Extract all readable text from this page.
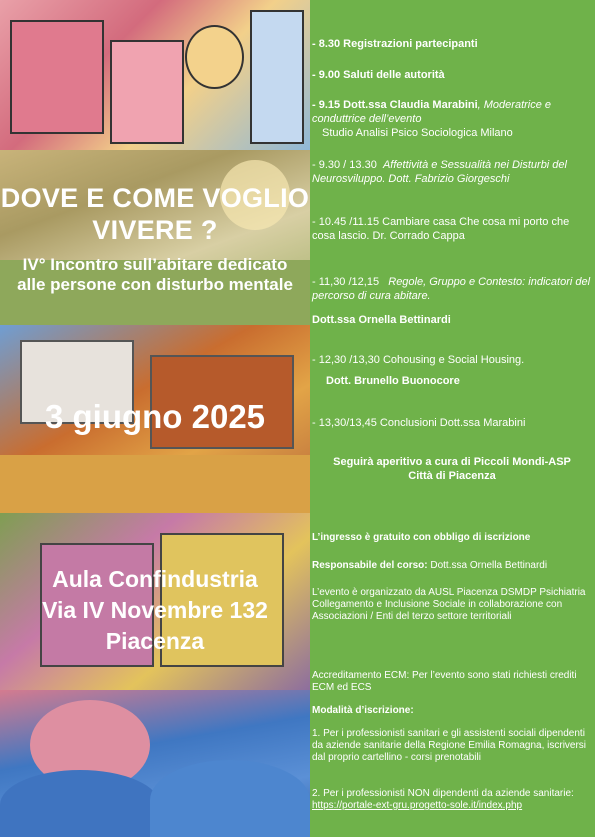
DOVE E COME VOGLIO VIVERE ?
IV° Incontro sull’abitare dedicato alle persone con disturbo mentale
3 giugno 2025
Aula Confindustria
Via IV Novembre 132
Piacenza
- 8.30 Registrazioni partecipanti
- 9.00 Saluti delle autorità
- 9.15 Dott.ssa Claudia Marabini, Moderatrice e conduttrice dell’evento
Studio Analisi Psico Sociologica Milano
- 9.30 / 13.30 Affettività e Sessualità nei Disturbi del Neurosviluppo. Dott. Fabrizio Giorgeschi
- 10.45 /11.15 Cambiare casa Che cosa mi porto che cosa lascio. Dr. Corrado Cappa
- 11,30 /12,15 Regole, Gruppo e Contesto: indicatori del percorso di cura abitare.
Dott.ssa Ornella Bettinardi
- 12,30 /13,30 Cohousing e Social Housing.
Dott. Brunello Buonocore
- 13,30/13,45 Conclusioni Dott.ssa Marabini
Seguirà aperitivo a cura di Piccoli Mondi-ASP Città di Piacenza
L’ingresso è gratuito con obbligo di iscrizione
Responsabile del corso: Dott.ssa Ornella Bettinardi
L’evento è organizzato da AUSL Piacenza DSMDP Psichiatria Collegamento e Inclusione Sociale in collaborazione con Associazioni / Enti del terzo settore territoriali
Accreditamento ECM: Per l’evento sono stati richiesti crediti ECM ed ECS
Modalità d’iscrizione:
1. Per i professionisti sanitari e gli assistenti sociali dipendenti da aziende sanitarie della Regione Emilia Romagna, iscriversi dal proprio cartellino - corsi prenotabili
2. Per i professionisti NON dipendenti da aziende sanitarie: https://portale-ext-gru.progetto-sole.it/index.php
